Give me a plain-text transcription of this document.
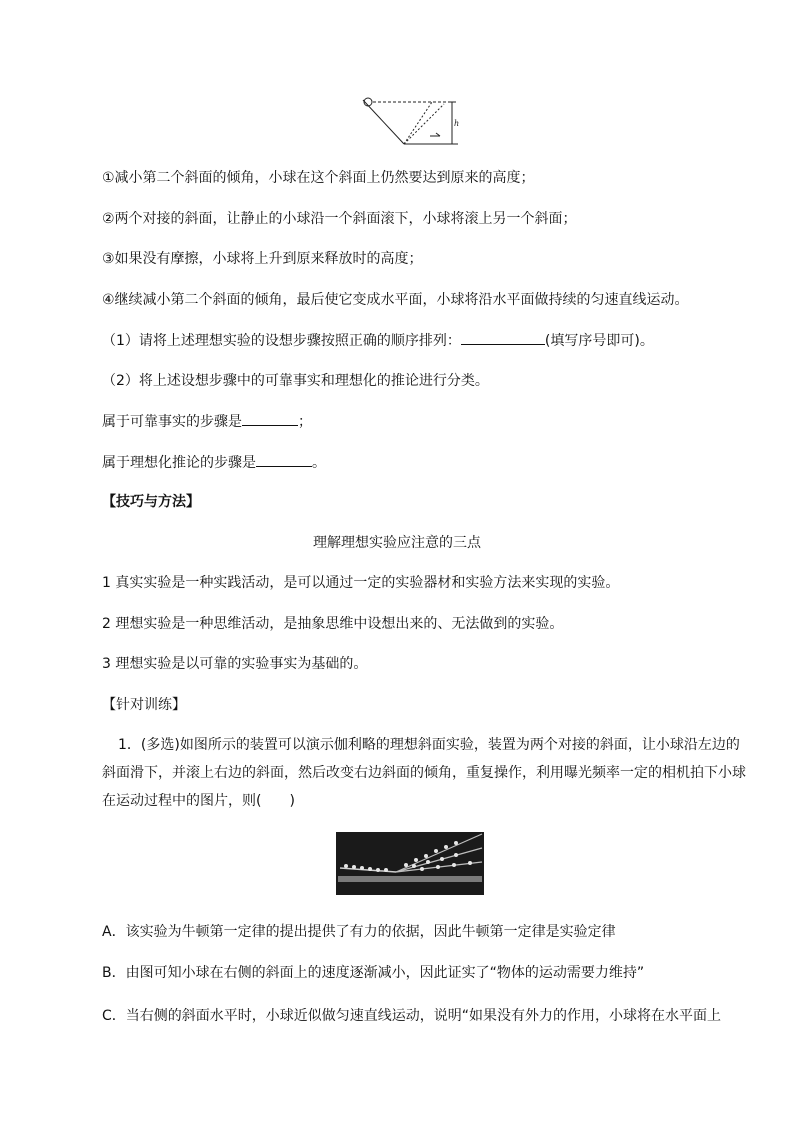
h
①减小第二个斜面的倾角，小球在这个斜面上仍然要达到原来的高度；
②两个对接的斜面，让静止的小球沿一个斜面滚下，小球将滚上另一个斜面；
③如果没有摩擦，小球将上升到原来释放时的高度；
④继续减小第二个斜面的倾角，最后使它变成水平面，小球将沿水平面做持续的匀速直线运动。
（1）请将上述理想实验的设想步骤按照正确的顺序排列：	(填写序号即可)。
（2）将上述设想步骤中的可靠事实和理想化的推论进行分类。
属于可靠事实的步骤是	；
属于理想化推论的步骤是	。
【技巧与方法】
理解理想实验应注意的三点
1 真实实验是一种实践活动，是可以通过一定的实验器材和实验方法来实现的实验。
2 理想实验是一种思维活动，是抽象思维中设想出来的、无法做到的实验。
3 理想实验是以可靠的实验事实为基础的。
【针对训练】
1．(多选)如图所示的装置可以演示伽利略的理想斜面实验，装置为两个对接的斜面，让小球沿左边的
斜面滑下，并滚上右边的斜面，然后改变右边斜面的倾角，重复操作，利用曝光频率一定的相机拍下小球
在运动过程中的图片，则(　　)
A．该实验为牛顿第一定律的提出提供了有力的依据，因此牛顿第一定律是实验定律
B．由图可知小球在右侧的斜面上的速度逐渐减小，因此证实了“物体的运动需要力维持”
C．当右侧的斜面水平时，小球近似做匀速直线运动，说明“如果没有外力的作用，小球将在水平面上
